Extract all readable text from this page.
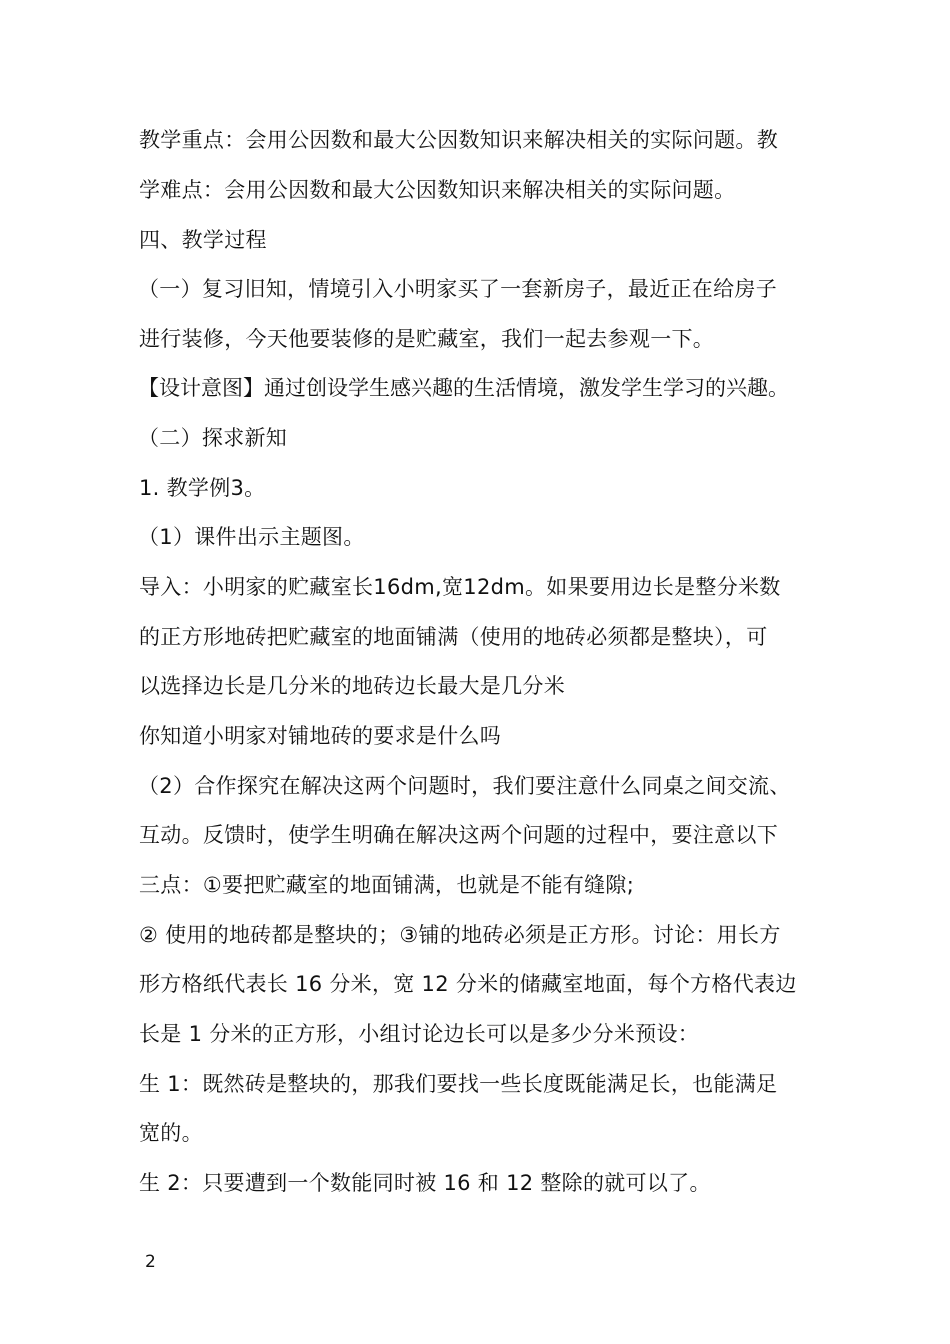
教学重点：会用公因数和最大公因数知识来解决相关的实际问题。教
学难点：会用公因数和最大公因数知识来解决相关的实际问题。
四、教学过程
（一）复习旧知，情境引入小明家买了一套新房子，最近正在给房子
进行装修，今天他要装修的是贮藏室，我们一起去参观一下。
【设计意图】通过创设学生感兴趣的生活情境，激发学生学习的兴趣。
（二）探求新知
1. 教学例3。
（1）课件出示主题图。
导入：小明家的贮藏室长16dm,宽12dm。如果要用边长是整分米数
的正方形地砖把贮藏室的地面铺满（使用的地砖必须都是整块），可
以选择边长是几分米的地砖边长最大是几分米
你知道小明家对铺地砖的要求是什么吗
（2）合作探究在解决这两个问题时，我们要注意什么同桌之间交流、
互动。反馈时，使学生明确在解决这两个问题的过程中，要注意以下
三点：①要把贮藏室的地面铺满，也就是不能有缝隙;
② 使用的地砖都是整块的；③铺的地砖必须是正方形。讨论：用长方
形方格纸代表长 16 分米，宽 12 分米的储藏室地面，每个方格代表边
长是 1 分米的正方形，小组讨论边长可以是多少分米预设：
生 1：既然砖是整块的，那我们要找一些长度既能满足长，也能满足
宽的。
生 2：只要遭到一个数能同时被 16 和 12 整除的就可以了。
2
